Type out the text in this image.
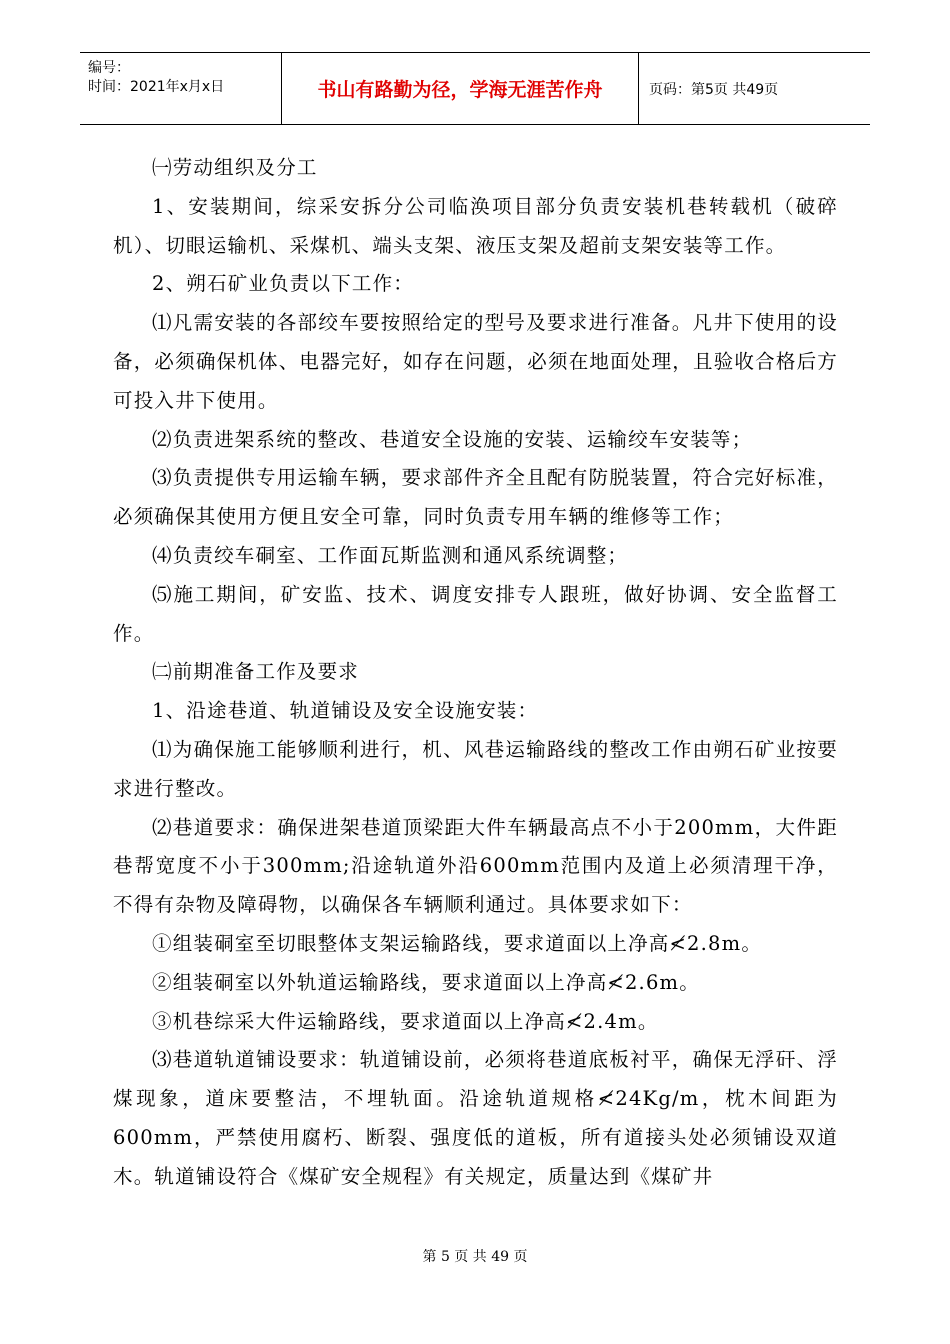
编号：
时间：2021年x月x日	书山有路勤为径，学海无涯苦作舟	页码：第5页 共49页

㈠劳动组织及分工

1、安装期间，综采安拆分公司临涣项目部分负责安装机巷转载机（破碎机）、切眼运输机、采煤机、端头支架、液压支架及超前支架安装等工作。

2、朔石矿业负责以下工作：

⑴凡需安装的各部绞车要按照给定的型号及要求进行准备。凡井下使用的设备，必须确保机体、电器完好，如存在问题，必须在地面处理，且验收合格后方可投入井下使用。

⑵负责进架系统的整改、巷道安全设施的安装、运输绞车安装等；

⑶负责提供专用运输车辆，要求部件齐全且配有防脱装置，符合完好标准，必须确保其使用方便且安全可靠，同时负责专用车辆的维修等工作；

⑷负责绞车硐室、工作面瓦斯监测和通风系统调整；

⑸施工期间，矿安监、技术、调度安排专人跟班，做好协调、安全监督工作。

㈡前期准备工作及要求

1、沿途巷道、轨道铺设及安全设施安装：

⑴为确保施工能够顺利进行，机、风巷运输路线的整改工作由朔石矿业按要求进行整改。

⑵巷道要求：确保进架巷道顶梁距大件车辆最高点不小于200mm，大件距巷帮宽度不小于300mm;沿途轨道外沿600mm范围内及道上必须清理干净，不得有杂物及障碍物，以确保各车辆顺利通过。具体要求如下：

①组装硐室至切眼整体支架运输路线，要求道面以上净高≮2.8m。

②组装硐室以外轨道运输路线，要求道面以上净高≮2.6m。

③机巷综采大件运输路线，要求道面以上净高≮2.4m。

⑶巷道轨道铺设要求：轨道铺设前，必须将巷道底板衬平，确保无浮矸、浮煤现象，道床要整洁，不埋轨面。沿途轨道规格≮24Kg/m，枕木间距为600mm，严禁使用腐朽、断裂、强度低的道板，所有道接头处必须铺设双道木。轨道铺设符合《煤矿安全规程》有关规定，质量达到《煤矿井

第 5 页 共 49 页
